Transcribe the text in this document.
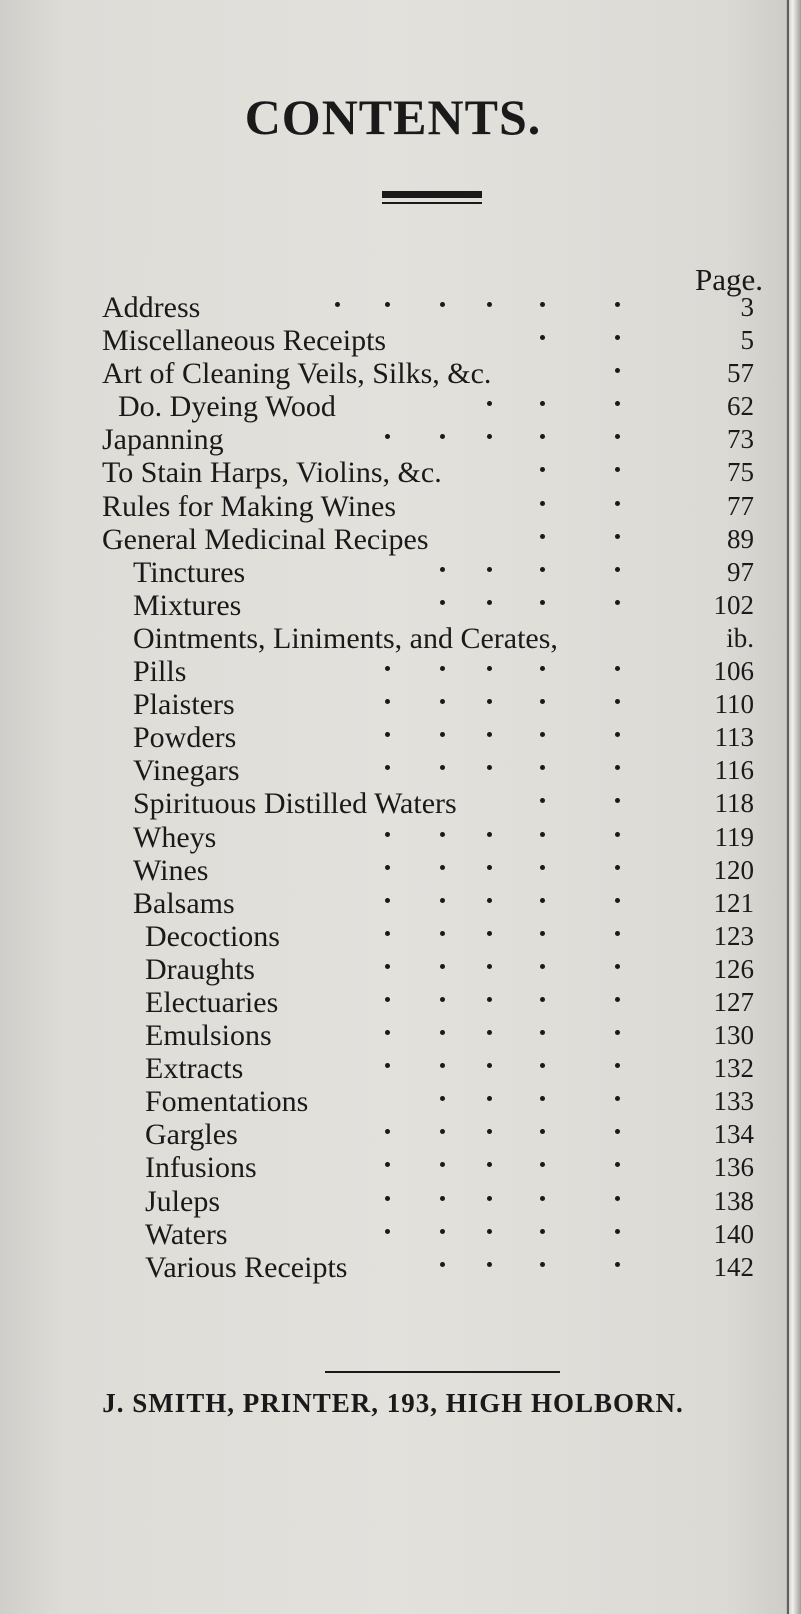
CONTENTS.
Page.
Address	3
Miscellaneous Receipts	5
Art of Cleaning Veils, Silks, &c.	57
Do. Dyeing Wood	62
Japanning	73
To Stain Harps, Violins, &c.	75
Rules for Making Wines	77
General Medicinal Recipes	89
Tinctures	97
Mixtures	102
Ointments, Liniments, and Cerates,	ib.
Pills	106
Plaisters	110
Powders	113
Vinegars	116
Spirituous Distilled Waters	118
Wheys	119
Wines	120
Balsams	121
Decoctions	123
Draughts	126
Electuaries	127
Emulsions	130
Extracts	132
Fomentations	133
Gargles	134
Infusions	136
Juleps	138
Waters	140
Various Receipts	142
J. SMITH, PRINTER, 193, HIGH HOLBORN.
